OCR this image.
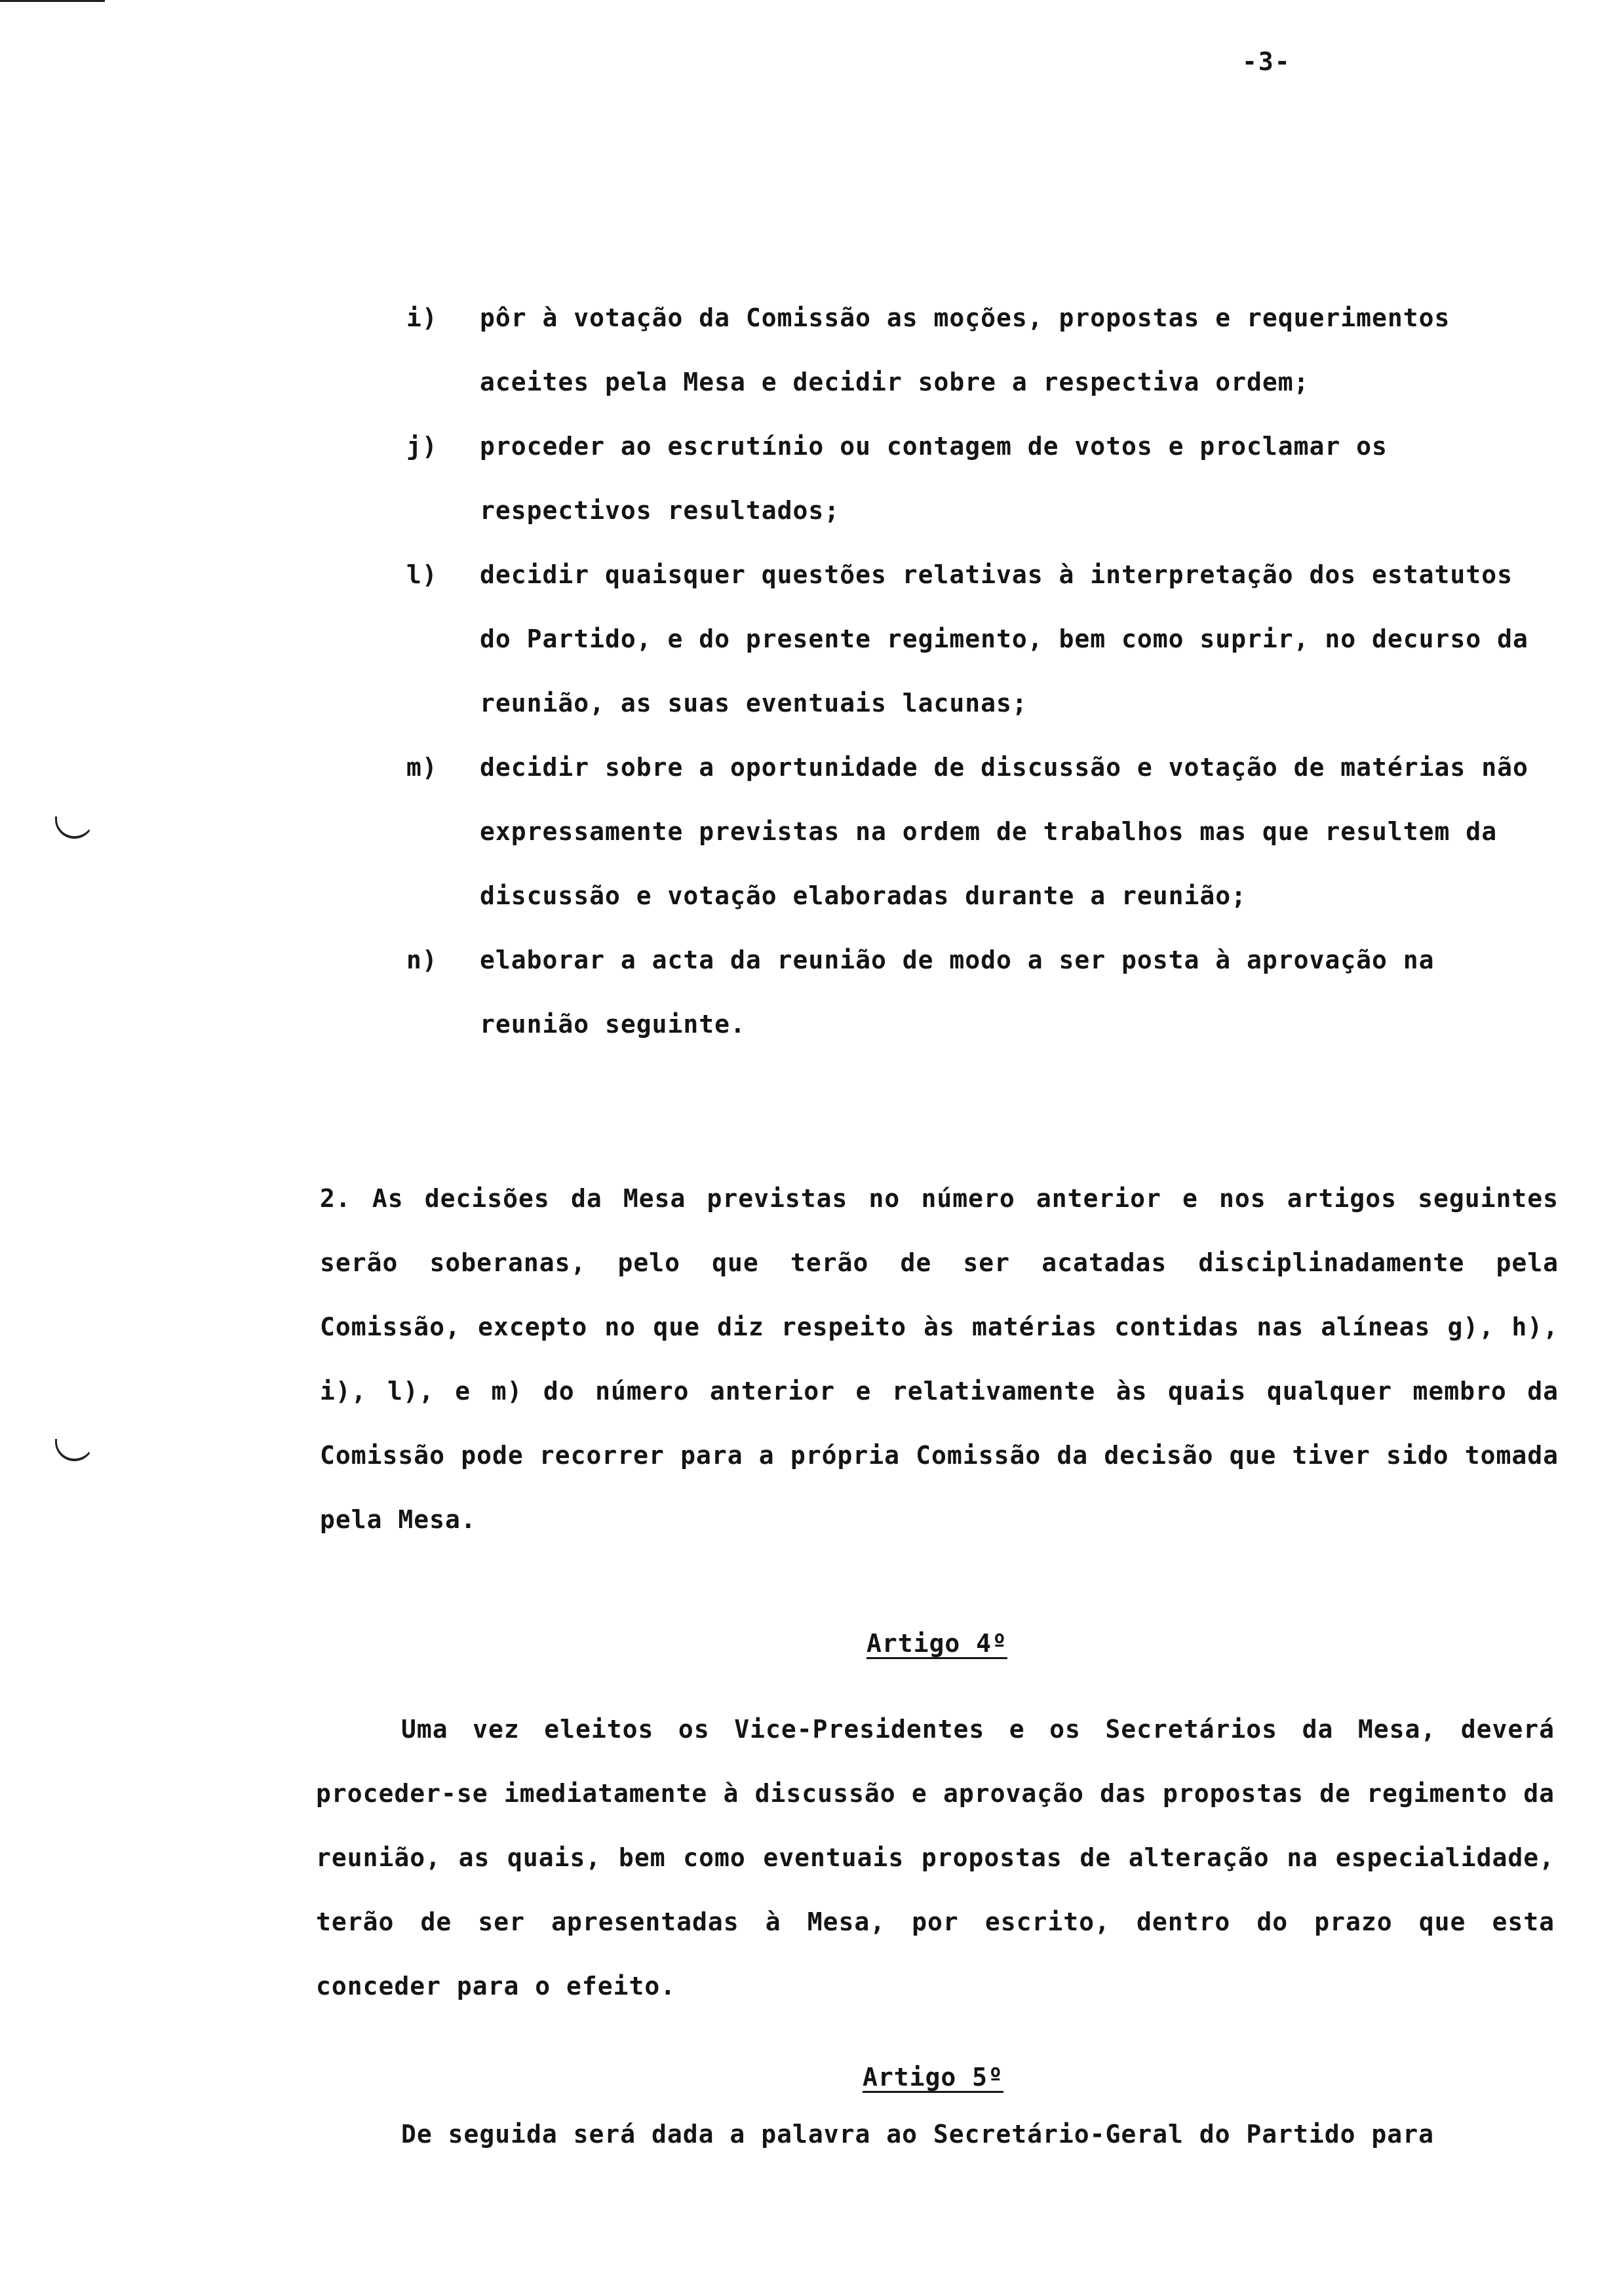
-3-

i) pôr à votação da Comissão as moções, propostas e requerimentos aceites pela Mesa e decidir sobre a respectiva ordem;

j) proceder ao escrutínio ou contagem de votos e proclamar os respectivos resultados;

l) decidir quaisquer questões relativas à interpretação dos estatutos do Partido, e do presente regimento, bem como suprir, no decurso da reunião, as suas eventuais lacunas;

m) decidir sobre a oportunidade de discussão e votação de matérias não expressamente previstas na ordem de trabalhos mas que resultem da discussão e votação elaboradas durante a reunião;

n) elaborar a acta da reunião de modo a ser posta à aprovação na reunião seguinte.

2. As decisões da Mesa previstas no número anterior e nos artigos seguintes serão soberanas, pelo que terão de ser acatadas disciplinadamente pela Comissão, excepto no que diz respeito às matérias contidas nas alíneas g), h), i), l), e m) do número anterior e relativamente às quais qualquer membro da Comissão pode recorrer para a própria Comissão da decisão que tiver sido tomada pela Mesa.

Artigo 4º

Uma vez eleitos os Vice-Presidentes e os Secretários da Mesa, deverá proceder-se imediatamente à discussão e aprovação das propostas de regimento da reunião, as quais, bem como eventuais propostas de alteração na especialidade, terão de ser apresentadas à Mesa, por escrito, dentro do prazo que esta conceder para o efeito.

Artigo 5º

De seguida será dada a palavra ao Secretário-Geral do Partido para
